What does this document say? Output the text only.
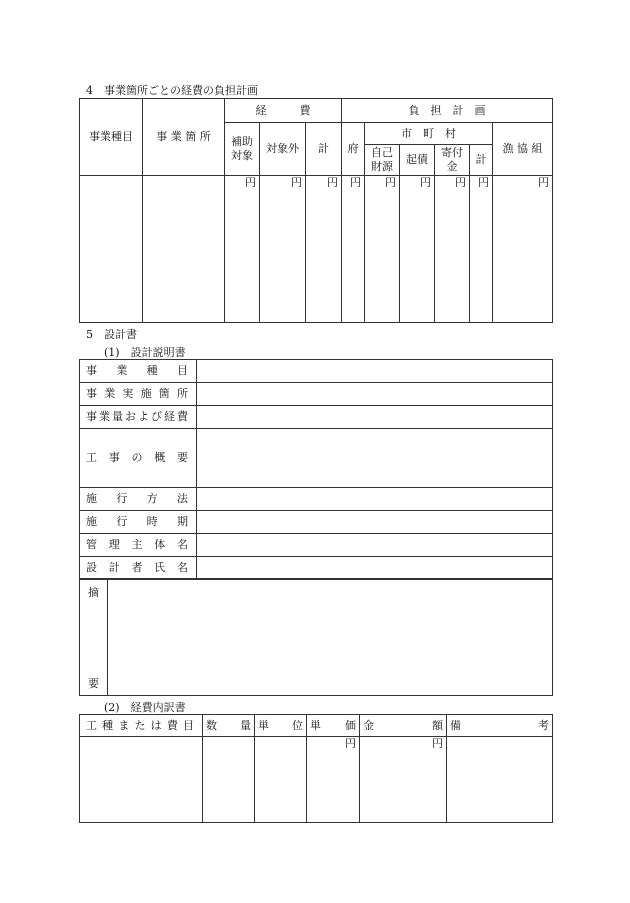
4　事業箇所ごとの経費の負担計画
事業種目	事 業 箇 所	経　　　費			負　担　計　画					
		補助対象	対象外	計	府	市　町　村				漁 協 組
						自己財源	起債	寄付金	計	
		円	円	円	円	円	円	円	円	円
5　設計書
(1)　設計説明書
事　業　種　目	
事業実施箇所	
事業量および経費	
工 事 の 概 要	
施　行　方　法	
施　行　時　期	
管 理 主 体 名	
設 計 者 氏 名	
摘
要

(2)　経費内訳書
工種または費目	数　量	単　位	単　価	金　　額	備　　考
			円	円	
